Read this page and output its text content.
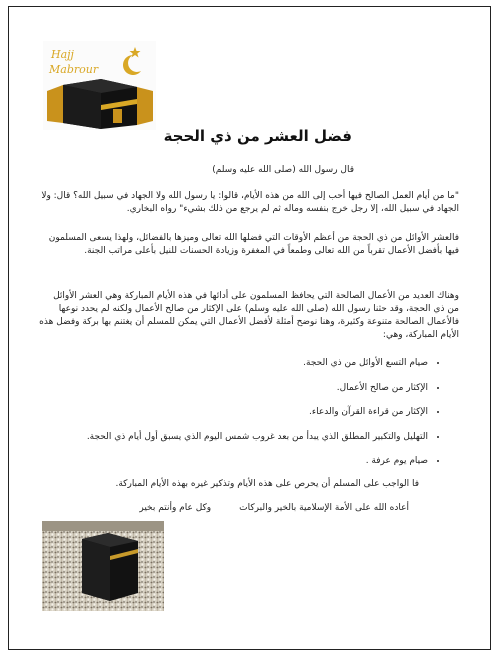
Hajj
Mabrour
فضل العشر من ذي الحجة

قال رسول الله (صلى الله عليه وسلم)

"ما من أيام العمل الصالح فيها أحب إلى الله من هذه الأيام، قالوا: يا رسول الله ولا الجهاد في سبيل الله؟ قال: ولا الجهاد في سبيل الله، إلا رجل خرج بنفسه وماله ثم لم يرجع من ذلك بشيء" رواه البخاري.

فالعشر الأوائل من ذي الحجة من أعظم الأوقات التي فضلها الله تعالى وميزها بالفضائل، ولهذا يسعى المسلمون فيها بأفضل الأعمال تقرباً من الله تعالى وطمعاً في المغفرة وزيادة الحسنات للنيل بأعلى مراتب الجنة.

وهناك العديد من الأعمال الصالحة التي يحافظ المسلمون على أدائها في هذه الأيام المباركة وهي العشر الأوائل من ذي الحجة، وقد حثنا رسول الله (صلى الله عليه وسلم) على الإكثار من صالح الأعمال ولكنه لم يحدد نوعها فالأعمال الصالحة متنوعة وكثيرة، وهنا نوضح أمثلة لأفضل الأعمال التي يمكن للمسلم أن يغتنم بها بركة وفضل هذه الأيام المباركة، وهي:

• صيام التسع الأوائل من ذي الحجة.
• الإكثار من صالح الأعمال.
• الإكثار من قراءة القرآن والدعاء.
• التهليل والتكبير المطلق الذي يبدأ من بعد غروب شمس اليوم الذي يسبق أول أيام ذي الحجة.
• صيام يوم عرفة .

فا الواجب على المسلم أن يحرص على هذه الأيام وتذكير غيره بهذه الأيام المباركة.

أعاده الله على الأمة الإسلامية بالخير والبركاتوكل عام وأنتم بخير
